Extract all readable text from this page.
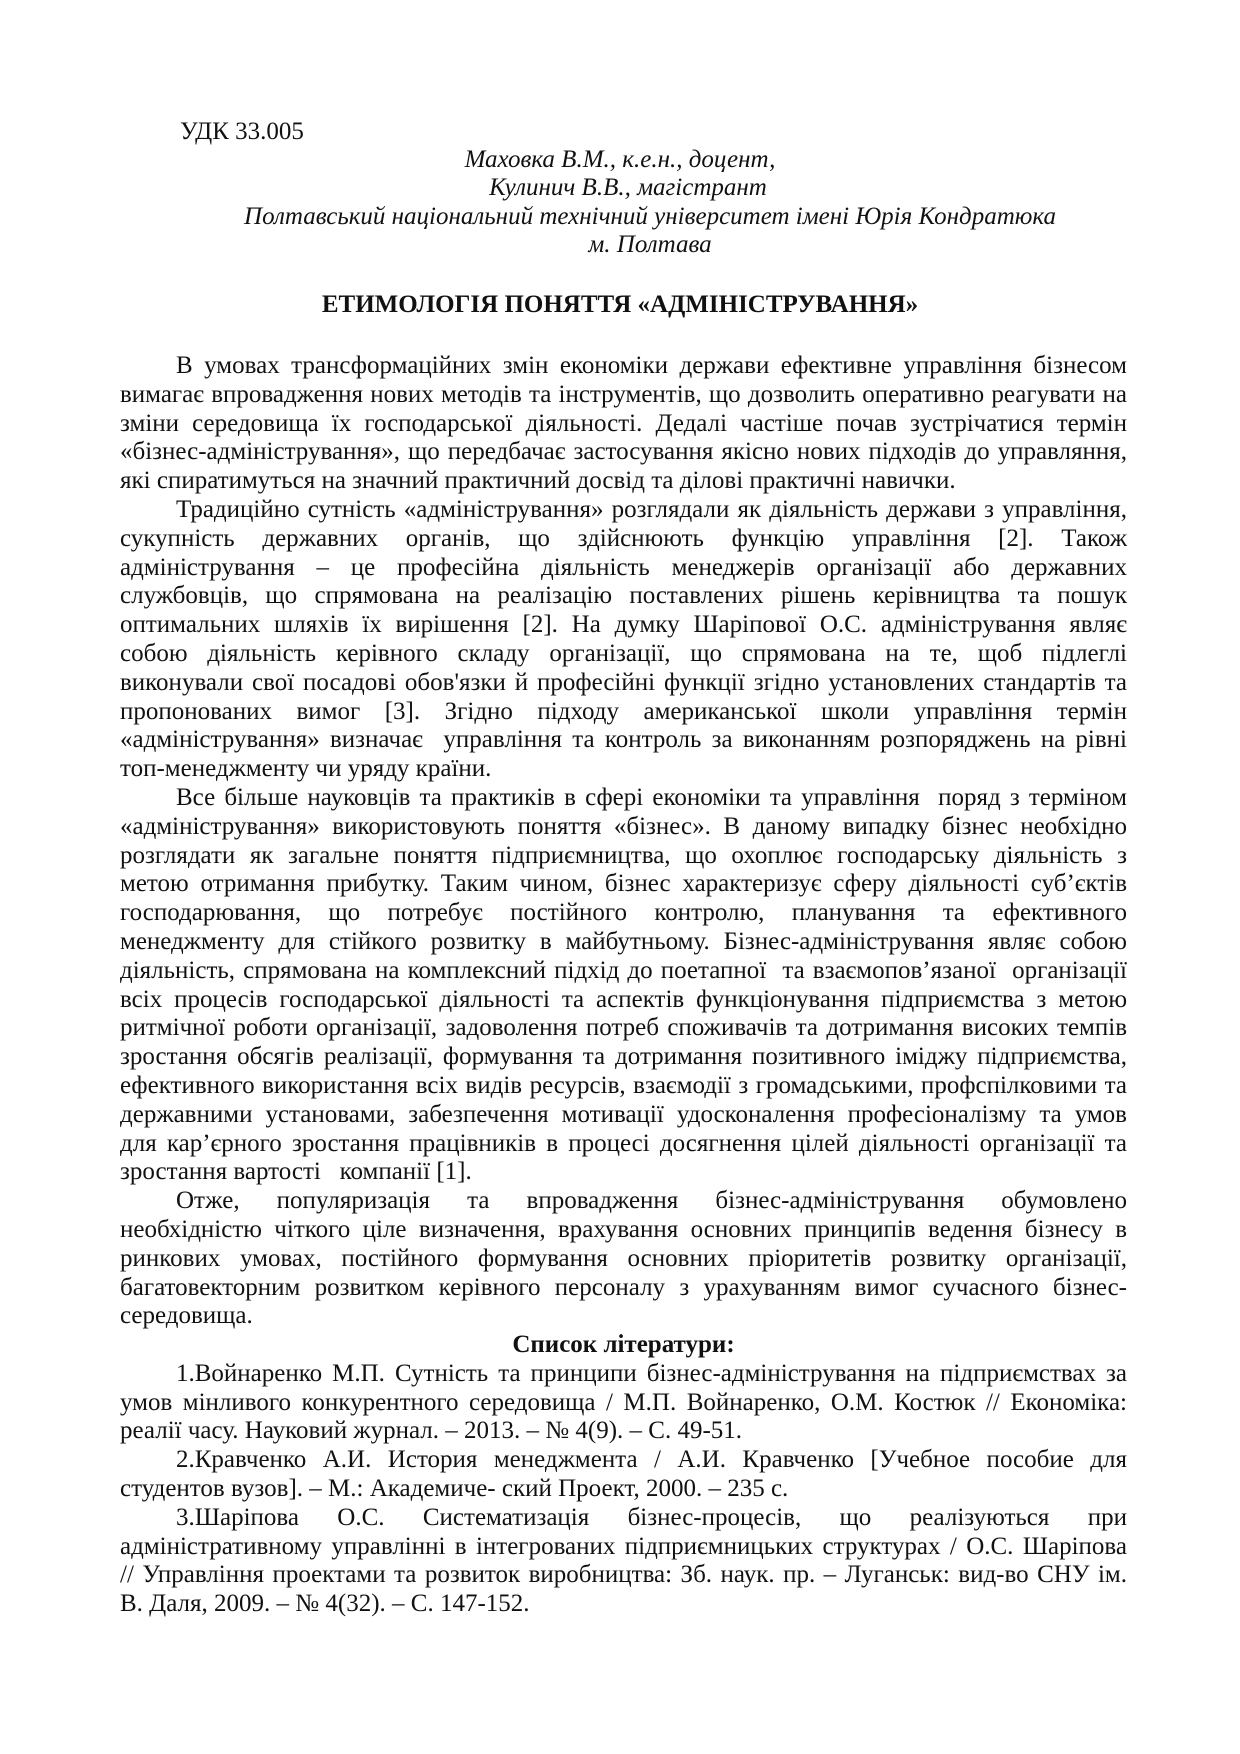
УДК 33.005
Маховка В.М., к.е.н., доцент,
Кулинич В.В., магістрант
Полтавський національний технічний університет імені Юрія Кондратюка
м. Полтава
ЕТИМОЛОГІЯ ПОНЯТТЯ «АДМІНІСТРУВАННЯ»
В умовах трансформаційних змін економіки держави ефективне управління бізнесом
вимагає впровадження нових методів та інструментів, що дозволить оперативно реагувати на
зміни середовища їх господарської діяльності. Дедалі частіше почав зустрічатися термін
«бізнес-адміністрування», що передбачає застосування якісно нових підходів до управляння,
які спиратимуться на значний практичний досвід та ділові практичні навички.
Традиційно сутність «адміністрування» розглядали як діяльність держави з управління,
сукупність державних органів, що здійснюють функцію управління [2]. Також
адміністрування – це професійна діяльність менеджерів організації або державних
службовців, що спрямована на реалізацію поставлених рішень керівництва та пошук
оптимальних шляхів їх вирішення [2]. На думку Шаріпової О.С. адміністрування являє
собою діяльність керівного складу організації, що спрямована на те, щоб підлеглі
виконували свої посадові обов'язки й професійні функції згідно установлених стандартів та
пропонованих вимог [3]. Згідно підходу американської школи управління термін
«адміністрування» визначає  управління та контроль за виконанням розпоряджень на рівні
топ-менеджменту чи уряду країни.
Все більше науковців та практиків в сфері економіки та управління  поряд з терміном
«адміністрування» використовують поняття «бізнес». В даному випадку бізнес необхідно
розглядати як загальне поняття підприємництва, що охоплює господарську діяльність з
метою отримання прибутку. Таким чином, бізнес характеризує сферу діяльності суб’єктів
господарювання, що потребує постійного контролю, планування та ефективного
менеджменту для стійкого розвитку в майбутньому. Бізнес-адміністрування являє собою
діяльність, спрямована на комплексний підхід до поетапної  та взаємопов’язаної  організації
всіх процесів господарської діяльності та аспектів функціонування підприємства з метою
ритмічної роботи організації, задоволення потреб споживачів та дотримання високих темпів
зростання обсягів реалізації, формування та дотримання позитивного іміджу підприємства,
ефективного використання всіх видів ресурсів, взаємодії з громадськими, профспілковими та
державними установами, забезпечення мотивації удосконалення професіоналізму та умов
для кар’єрного зростання працівників в процесі досягнення цілей діяльності організації та
зростання вартості   компанії [1].
Отже, популяризація та впровадження бізнес-адміністрування обумовлено
необхідністю чіткого ціле визначення, врахування основних принципів ведення бізнесу в
ринкових умовах, постійного формування основних пріоритетів розвитку організації,
багатовекторним розвитком керівного персоналу з урахуванням вимог сучасного бізнес-
середовища.
Список літератури:
1.Войнаренко М.П. Сутність та принципи бізнес-адміністрування на підприємствах за
умов мінливого конкурентного середовища / М.П. Войнаренко, О.М. Костюк // Економіка:
реалії часу. Науковий журнал. – 2013. – № 4(9). – С. 49-51.
2.Кравченко А.И. История менеджмента / А.И. Кравченко [Учебное пособие для
студентов вузов]. – М.: Академиче- ский Проект, 2000. – 235 с.
3.Шаріпова О.С. Систематизація бізнес-процесів, що реалізуються при
адміністративному управлінні в інтегрованих підприємницьких структурах / О.С. Шаріпова
// Управління проектами та розвиток виробництва: Зб. наук. пр. – Луганськ: вид-во СНУ ім.
В. Даля, 2009. – № 4(32). – С. 147-152.
